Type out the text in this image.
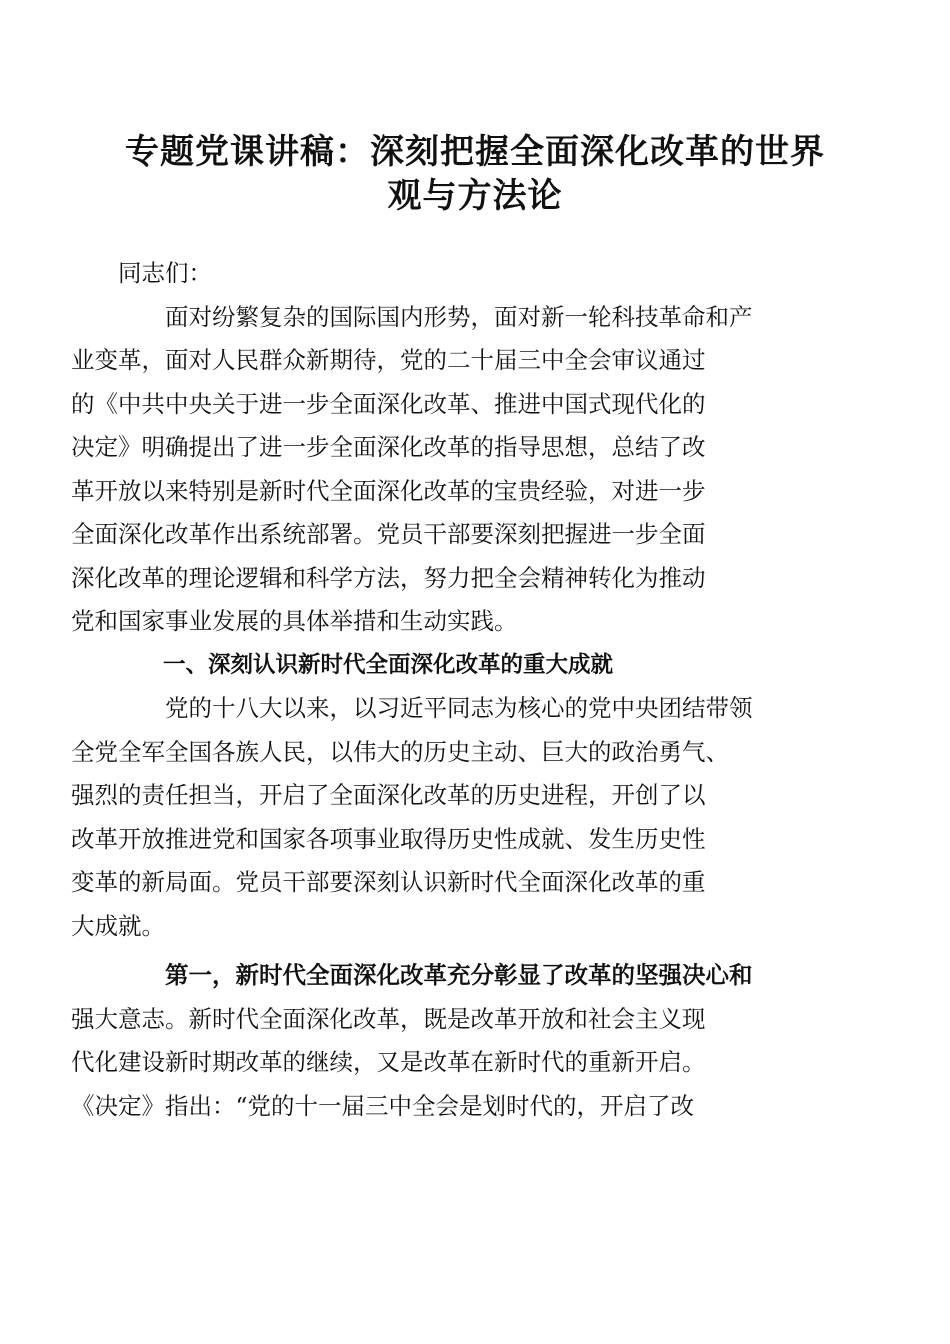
专题党课讲稿：深刻把握全面深化改革的世界
观与方法论

同志们：

面对纷繁复杂的国际国内形势，面对新一轮科技革命和产
业变革，面对人民群众新期待，党的二十届三中全会审议通过
的《中共中央关于进一步全面深化改革、推进中国式现代化的
决定》明确提出了进一步全面深化改革的指导思想，总结了改
革开放以来特别是新时代全面深化改革的宝贵经验，对进一步
全面深化改革作出系统部署。党员干部要深刻把握进一步全面
深化改革的理论逻辑和科学方法，努力把全会精神转化为推动
党和国家事业发展的具体举措和生动实践。

一、深刻认识新时代全面深化改革的重大成就

党的十八大以来，以习近平同志为核心的党中央团结带领
全党全军全国各族人民，以伟大的历史主动、巨大的政治勇气、
强烈的责任担当，开启了全面深化改革的历史进程，开创了以
改革开放推进党和国家各项事业取得历史性成就、发生历史性
变革的新局面。党员干部要深刻认识新时代全面深化改革的重
大成就。

第一，新时代全面深化改革充分彰显了改革的坚强决心和
强大意志。新时代全面深化改革，既是改革开放和社会主义现
代化建设新时期改革的继续，又是改革在新时代的重新开启。
《决定》指出：“党的十一届三中全会是划时代的，开启了改
